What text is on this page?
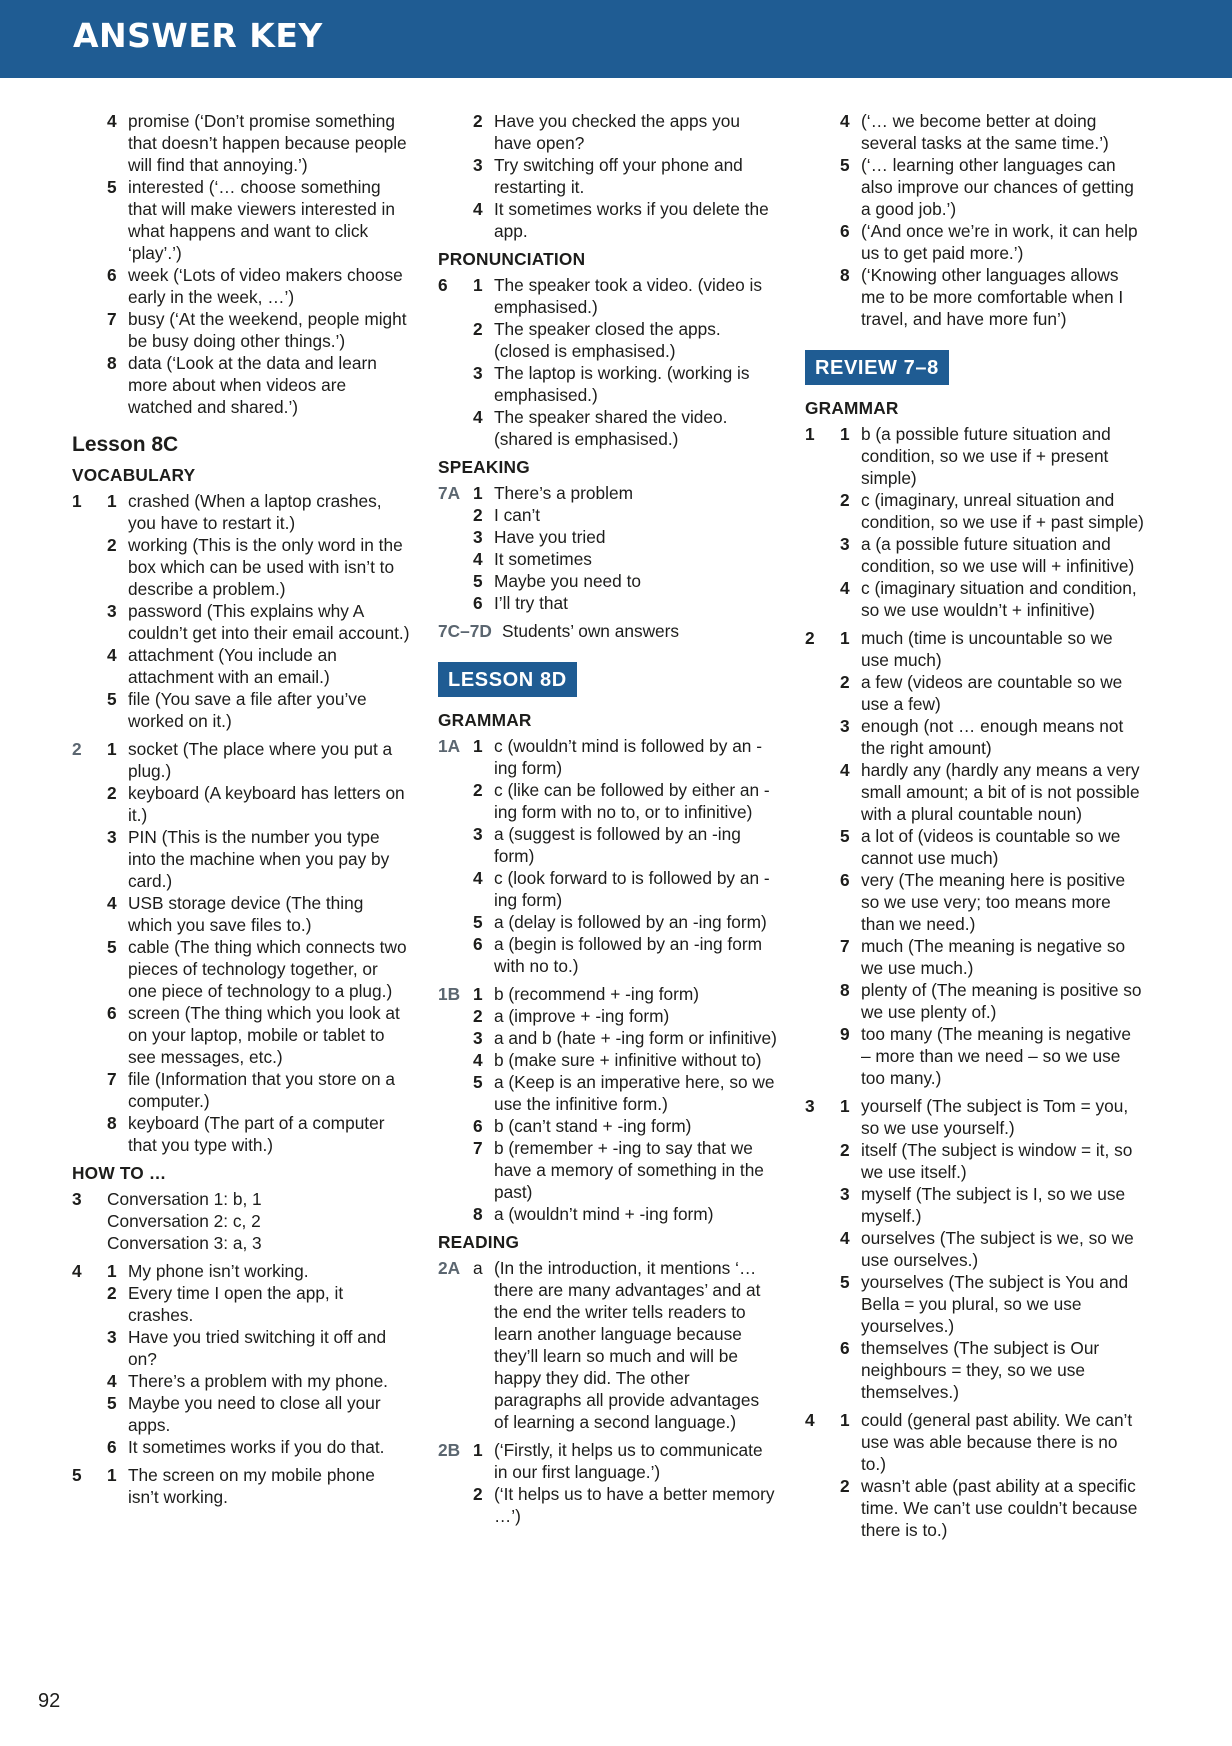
ANSWER KEY
4 promise (‘Don’t promise something that doesn’t happen because people will find that annoying.’)
5 interested (‘… choose something that will make viewers interested in what happens and want to click ‘play’.’)
6 week (‘Lots of video makers choose early in the week, …’)
7 busy (‘At the weekend, people might be busy doing other things.’)
8 data (‘Look at the data and learn more about when videos are watched and shared.’)
Lesson 8C
VOCABULARY
1 1 crashed (When a laptop crashes, you have to restart it.)
2 working (This is the only word in the box which can be used with isn’t to describe a problem.)
3 password (This explains why A couldn’t get into their email account.)
4 attachment (You include an attachment with an email.)
5 file (You save a file after you’ve worked on it.)
2 1 socket (The place where you put a plug.)
2 keyboard (A keyboard has letters on it.)
3 PIN (This is the number you type into the machine when you pay by card.)
4 USB storage device (The thing which you save files to.)
5 cable (The thing which connects two pieces of technology together, or one piece of technology to a plug.)
6 screen (The thing which you look at on your laptop, mobile or tablet to see messages, etc.)
7 file (Information that you store on a computer.)
8 keyboard (The part of a computer that you type with.)
HOW TO …
3 Conversation 1: b, 1
Conversation 2: c, 2
Conversation 3: a, 3
4 1 My phone isn’t working.
2 Every time I open the app, it crashes.
3 Have you tried switching it off and on?
4 There’s a problem with my phone.
5 Maybe you need to close all your apps.
6 It sometimes works if you do that.
5 1 The screen on my mobile phone isn’t working.
2 Have you checked the apps you have open?
3 Try switching off your phone and restarting it.
4 It sometimes works if you delete the app.
PRONUNCIATION
6 1 The speaker took a video. (video is emphasised.)
2 The speaker closed the apps. (closed is emphasised.)
3 The laptop is working. (working is emphasised.)
4 The speaker shared the video. (shared is emphasised.)
SPEAKING
7A 1 There’s a problem
2 I can’t
3 Have you tried
4 It sometimes
5 Maybe you need to
6 I’ll try that
7C–7D Students’ own answers
LESSON 8D
GRAMMAR
1A 1 c (wouldn’t mind is followed by an -ing form)
2 c (like can be followed by either an -ing form with no to, or to infinitive)
3 a (suggest is followed by an -ing form)
4 c (look forward to is followed by an -ing form)
5 a (delay is followed by an -ing form)
6 a (begin is followed by an -ing form with no to.)
1B 1 b (recommend + -ing form)
2 a (improve + -ing form)
3 a and b (hate + -ing form or infinitive)
4 b (make sure + infinitive without to)
5 a (Keep is an imperative here, so we use the infinitive form.)
6 b (can’t stand + -ing form)
7 b (remember + -ing to say that we have a memory of something in the past)
8 a (wouldn’t mind + -ing form)
READING
2A a (In the introduction, it mentions ‘… there are many advantages’ and at the end the writer tells readers to learn another language because they’ll learn so much and will be happy they did. The other paragraphs all provide advantages of learning a second language.)
2B 1 (‘Firstly, it helps us to communicate in our first language.’)
2 (‘It helps us to have a better memory …’)
4 (‘… we become better at doing several tasks at the same time.’)
5 (‘… learning other languages can also improve our chances of getting a good job.’)
6 (‘And once we’re in work, it can help us to get paid more.’)
8 (‘Knowing other languages allows me to be more comfortable when I travel, and have more fun’)
REVIEW 7–8
GRAMMAR
1 1 b (a possible future situation and condition, so we use if + present simple)
2 c (imaginary, unreal situation and condition, so we use if + past simple)
3 a (a possible future situation and condition, so we use will + infinitive)
4 c (imaginary situation and condition, so we use wouldn’t + infinitive)
2 1 much (time is uncountable so we use much)
2 a few (videos are countable so we use a few)
3 enough (not … enough means not the right amount)
4 hardly any (hardly any means a very small amount; a bit of is not possible with a plural countable noun)
5 a lot of (videos is countable so we cannot use much)
6 very (The meaning here is positive so we use very; too means more than we need.)
7 much (The meaning is negative so we use much.)
8 plenty of (The meaning is positive so we use plenty of.)
9 too many (The meaning is negative – more than we need – so we use too many.)
3 1 yourself (The subject is Tom = you, so we use yourself.)
2 itself (The subject is window = it, so we use itself.)
3 myself (The subject is I, so we use myself.)
4 ourselves (The subject is we, so we use ourselves.)
5 yourselves (The subject is You and Bella = you plural, so we use yourselves.)
6 themselves (The subject is Our neighbours = they, so we use themselves.)
4 1 could (general past ability. We can’t use was able because there is no to.)
2 wasn’t able (past ability at a specific time. We can’t use couldn’t because there is to.)
92
